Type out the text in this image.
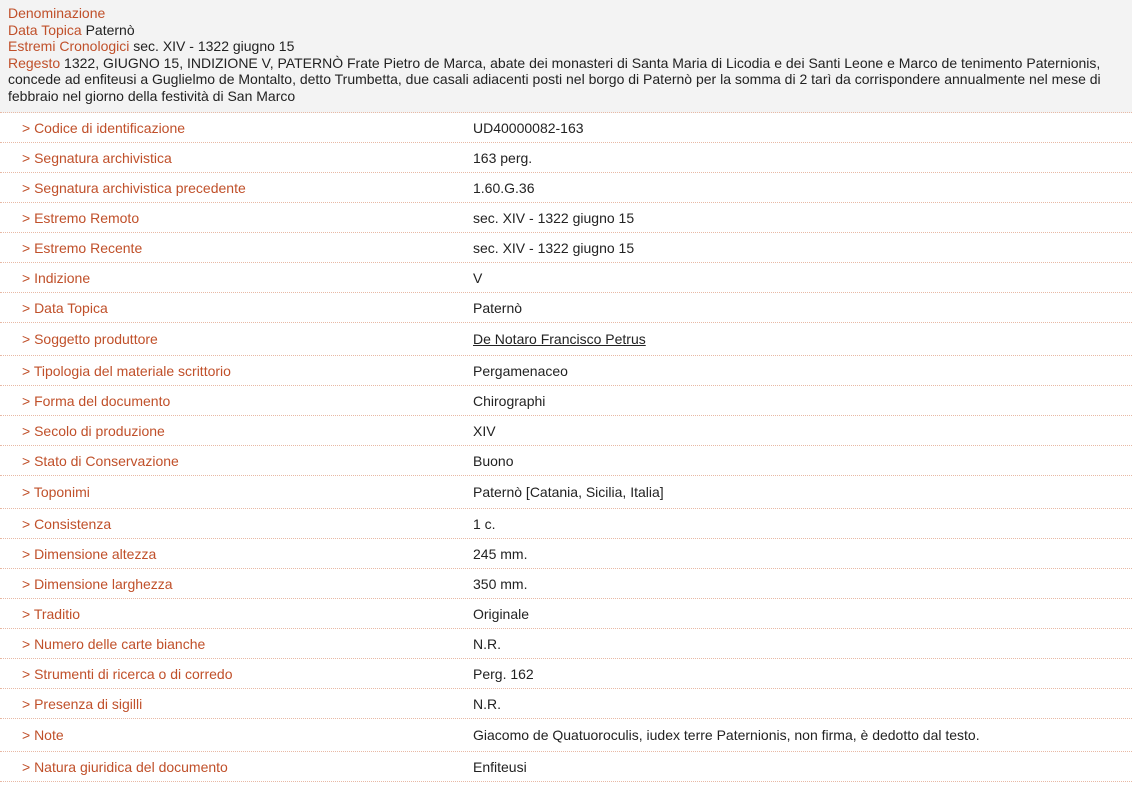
Denominazione
Data Topica Paternò
Estremi Cronologici sec. XIV - 1322 giugno 15
Regesto 1322, GIUGNO 15, INDIZIONE V, PATERNÒ Frate Pietro de Marca, abate dei monasteri di Santa Maria di Licodia e dei Santi Leone e Marco de tenimento Paternionis, concede ad enfiteusi a Guglielmo de Montalto, detto Trumbetta, due casali adiacenti posti nel borgo di Paternò per la somma di 2 tarì da corrispondere annualmente nel mese di febbraio nel giorno della festività di San Marco
> Codice di identificazione	UD40000082-163
> Segnatura archivistica	163 perg.
> Segnatura archivistica precedente	1.60.G.36
> Estremo Remoto	sec. XIV - 1322 giugno 15
> Estremo Recente	sec. XIV - 1322 giugno 15
> Indizione	V
> Data Topica	Paternò
> Soggetto produttore	De Notaro Francisco Petrus
> Tipologia del materiale scrittorio	Pergamenaceo
> Forma del documento	Chirographi
> Secolo di produzione	XIV
> Stato di Conservazione	Buono
> Toponimi	Paternò [Catania, Sicilia, Italia]
> Consistenza	1 c.
> Dimensione altezza	245 mm.
> Dimensione larghezza	350 mm.
> Traditio	Originale
> Numero delle carte bianche	N.R.
> Strumenti di ricerca o di corredo	Perg. 162
> Presenza di sigilli	N.R.
> Note	Giacomo de Quatuoroculis, iudex terre Paternionis, non firma, è dedotto dal testo.
> Natura giuridica del documento	Enfiteusi
